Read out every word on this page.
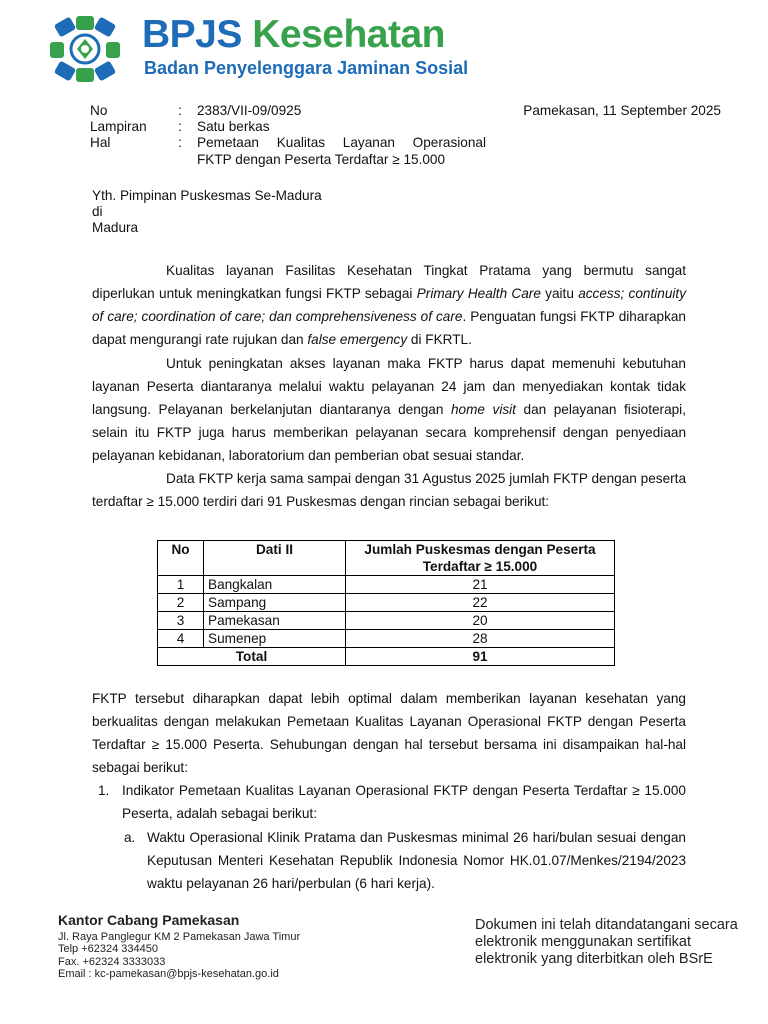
BPJS Kesehatan
Badan Penyelenggara Jaminan Sosial
No	: 2383/VII-09/0925
Lampiran : Satu berkas
Hal	: Pemetaan Kualitas Layanan Operasional
FKTP dengan Peserta Terdaftar ≥ 15.000
Pamekasan, 11 September 2025
Yth. Pimpinan Puskesmas Se-Madura
di
Madura

Kualitas layanan Fasilitas Kesehatan Tingkat Pratama yang bermutu sangat diperlukan untuk meningkatkan fungsi FKTP sebagai Primary Health Care yaitu access; continuity of care; coordination of care; dan comprehensiveness of care. Penguatan fungsi FKTP diharapkan dapat mengurangi rate rujukan dan false emergency di FKRTL.

Untuk peningkatan akses layanan maka FKTP harus dapat memenuhi kebutuhan layanan Peserta diantaranya melalui waktu pelayanan 24 jam dan menyediakan kontak tidak langsung. Pelayanan berkelanjutan diantaranya dengan home visit dan pelayanan fisioterapi, selain itu FKTP juga harus memberikan pelayanan secara komprehensif dengan penyediaan pelayanan kebidanan, laboratorium dan pemberian obat sesuai standar.

Data FKTP kerja sama sampai dengan 31 Agustus 2025 jumlah FKTP dengan peserta terdaftar ≥ 15.000 terdiri dari 91 Puskesmas dengan rincian sebagai berikut:

No	Dati II	Jumlah Puskesmas dengan Peserta Terdaftar ≥ 15.000
1	Bangkalan	21
2	Sampang	22
3	Pamekasan	20
4	Sumenep	28
Total		91

FKTP tersebut diharapkan dapat lebih optimal dalam memberikan layanan kesehatan yang berkualitas dengan melakukan Pemetaan Kualitas Layanan Operasional FKTP dengan Peserta Terdaftar ≥ 15.000 Peserta. Sehubungan dengan hal tersebut bersama ini disampaikan hal-hal sebagai berikut:

1. Indikator Pemetaan Kualitas Layanan Operasional FKTP dengan Peserta Terdaftar ≥ 15.000 Peserta, adalah sebagai berikut:
a. Waktu Operasional Klinik Pratama dan Puskesmas minimal 26 hari/bulan sesuai dengan Keputusan Menteri Kesehatan Republik Indonesia Nomor HK.01.07/Menkes/2194/2023 waktu pelayanan 26 hari/perbulan (6 hari kerja).
Kantor Cabang Pamekasan
Jl. Raya Panglegur KM 2 Pamekasan Jawa Timur
Telp +62324 334450
Fax. +62324 3333033
Email : kc-pamekasan@bpjs-kesehatan.go.id
Dokumen ini telah ditandatangani secara elektronik menggunakan sertifikat elektronik yang diterbitkan oleh BSrE
